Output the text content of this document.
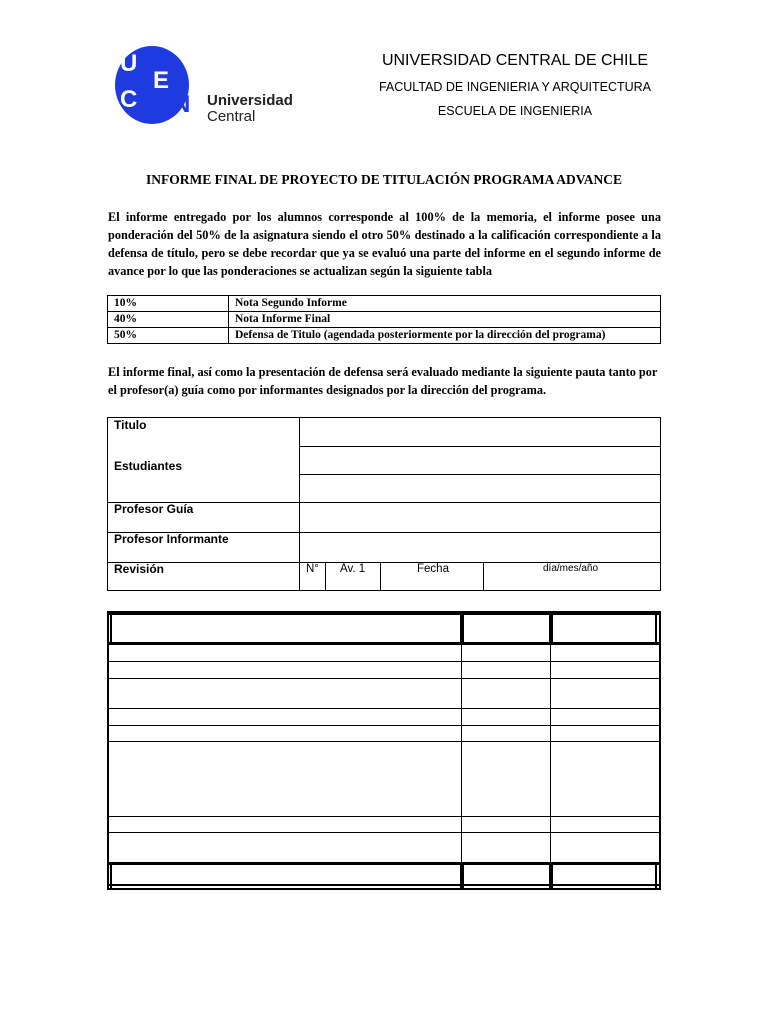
U
C
E
N Universidad
Central
UNIVERSIDAD CENTRAL DE CHILE
FACULTAD DE INGENIERIA Y ARQUITECTURA
ESCUELA DE INGENIERIA
INFORME FINAL DE PROYECTO DE TITULACIÓN PROGRAMA ADVANCE
El informe entregado por los alumnos corresponde al 100% de la memoria, el informe posee una ponderación del 50% de la asignatura siendo el otro 50% destinado a la calificación correspondiente a la defensa de título, pero se debe recordar que ya se evaluó una parte del informe en el segundo informe de avance por lo que las ponderaciones se actualizan según la siguiente tabla
10%	Nota Segundo Informe
40%	Nota Informe Final
50%	Defensa de Titulo (agendada posteriormente por la dirección del programa)
El informe final, así como la presentación de defensa será evaluado mediante la siguiente pauta tanto por el profesor(a) guía como por informantes designados por la dirección del programa.
Titulo
Estudiantes
Profesor Guía
Profesor Informante
Revisión	N° Av. 1	Fecha	día/mes/año
